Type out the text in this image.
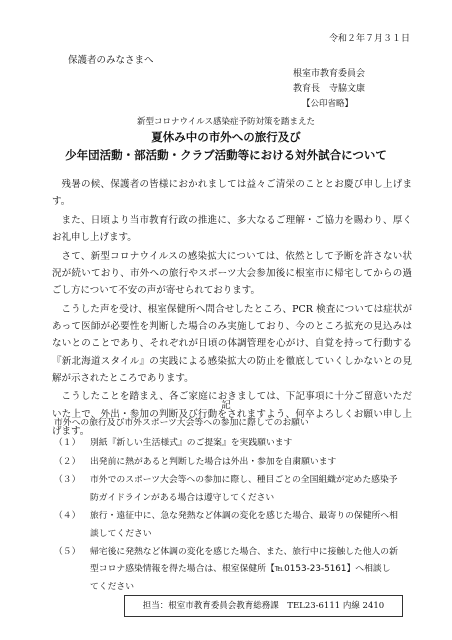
令和２年７月３１日
保護者のみなさまへ
根室市教育委員会
教育長　寺脇文康
【公印省略】
新型コロナウイルス感染症予防対策を踏まえた
夏休み中の市外への旅行及び
少年団活動・部活動・クラブ活動等における対外試合について

残暑の候、保護者の皆様におかれましては益々ご清栄のこととお慶び申し上げます。

また、日頃より当市教育行政の推進に、多大なるご理解・ご協力を賜わり、厚くお礼申し上げます。

さて、新型コロナウイルスの感染拡大については、依然として予断を許さない状況が続いており、市外への旅行やスポーツ大会参加後に根室市に帰宅してからの過ごし方について不安の声が寄せられております。

こうした声を受け、根室保健所へ問合せしたところ、PCR 検査については症状があって医師が必要性を判断した場合のみ実施しており、今のところ拡充の見込みはないとのことであり、それぞれが日頃の体調管理を心がけ、自覚を持って行動する『新北海道スタイル』の実践による感染拡大の防止を徹底していくしかないとの見解が示されたところであります。

こうしたことを踏まえ、各ご家庭におきましては、下記事項に十分ご留意いただいた上で、外出・参加の判断及び行動をされますよう、何卒よろしくお願い申し上げます。

記

市外への旅行及び市外スポーツ大会等への参加に際してのお願い

（１）	別紙『新しい生活様式』のご提案』を実践願います
（２）	出発前に熱があると判断した場合は外出・参加を自粛願います
（３）	市外でのスポーツ大会等への参加に際し、種目ごとの全国組織が定めた感染予防ガイドラインがある場合は遵守してください
（４）	旅行・遠征中に、急な発熱など体調の変化を感じた場合、最寄りの保健所へ相談してください
（５）	帰宅後に発熱など体調の変化を感じた場合、また、旅行中に接触した他人の新型コロナ感染情報を得た場合は、根室保健所【℡0153-23-5161】へ相談してください
担当：根室市教育委員会教育総務課　TEL23-6111 内線 2410
